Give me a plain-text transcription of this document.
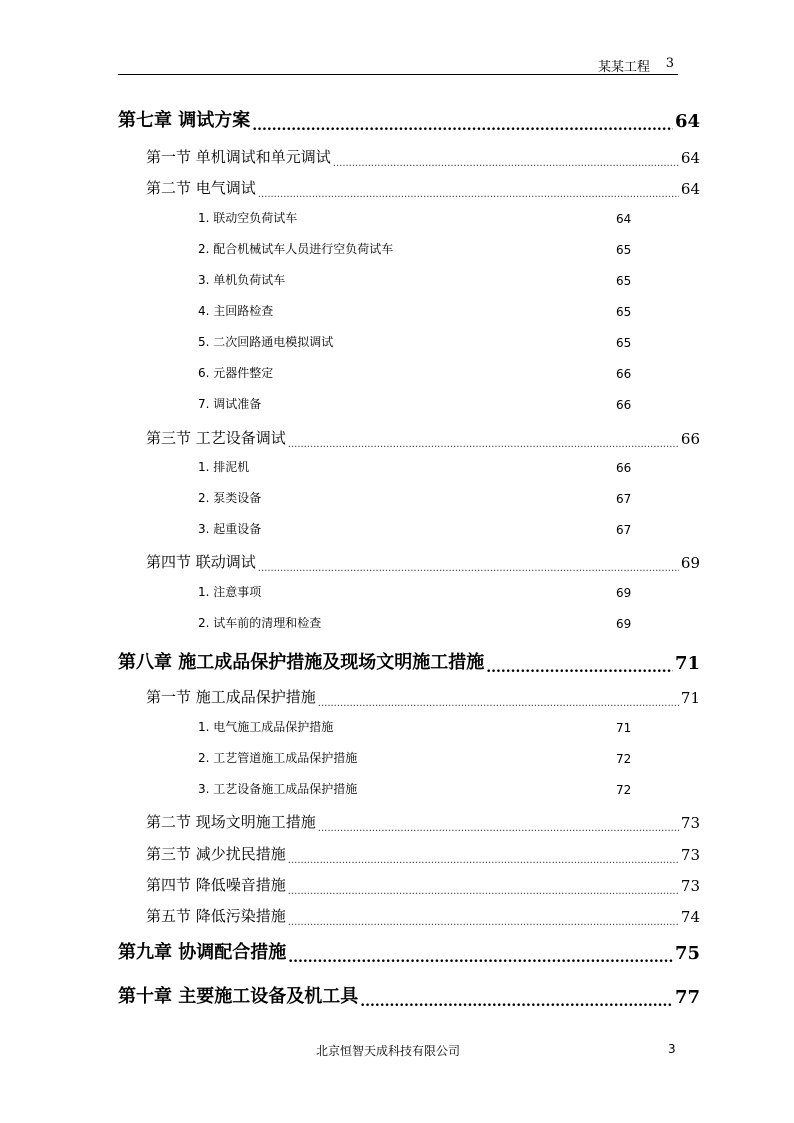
某某工程 3
第七章 调试方案 .....	64
第一节 单机调试和单元调试 .....	64
第二节 电气调试 .....	64
1. 联动空负荷试车	64
2. 配合机械试车人员进行空负荷试车	65
3. 单机负荷试车	65
4. 主回路检查	65
5. 二次回路通电模拟调试	65
6. 元器件整定	66
7. 调试准备	66
第三节 工艺设备调试 .....	66
1. 排泥机	66
2. 泵类设备	67
3. 起重设备	67
第四节 联动调试 .....	69
1. 注意事项	69
2. 试车前的清理和检查	69
第八章 施工成品保护措施及现场文明施工措施 .....	71
第一节 施工成品保护措施 .....	71
1. 电气施工成品保护措施	71
2. 工艺管道施工成品保护措施	72
3. 工艺设备施工成品保护措施	72
第二节 现场文明施工措施 .....	73
第三节 减少扰民措施 .....	73
第四节 降低噪音措施 .....	73
第五节 降低污染措施 .....	74
第九章 协调配合措施 .....	75
第十章 主要施工设备及机工具 .....	77
北京恒智天成科技有限公司	3
